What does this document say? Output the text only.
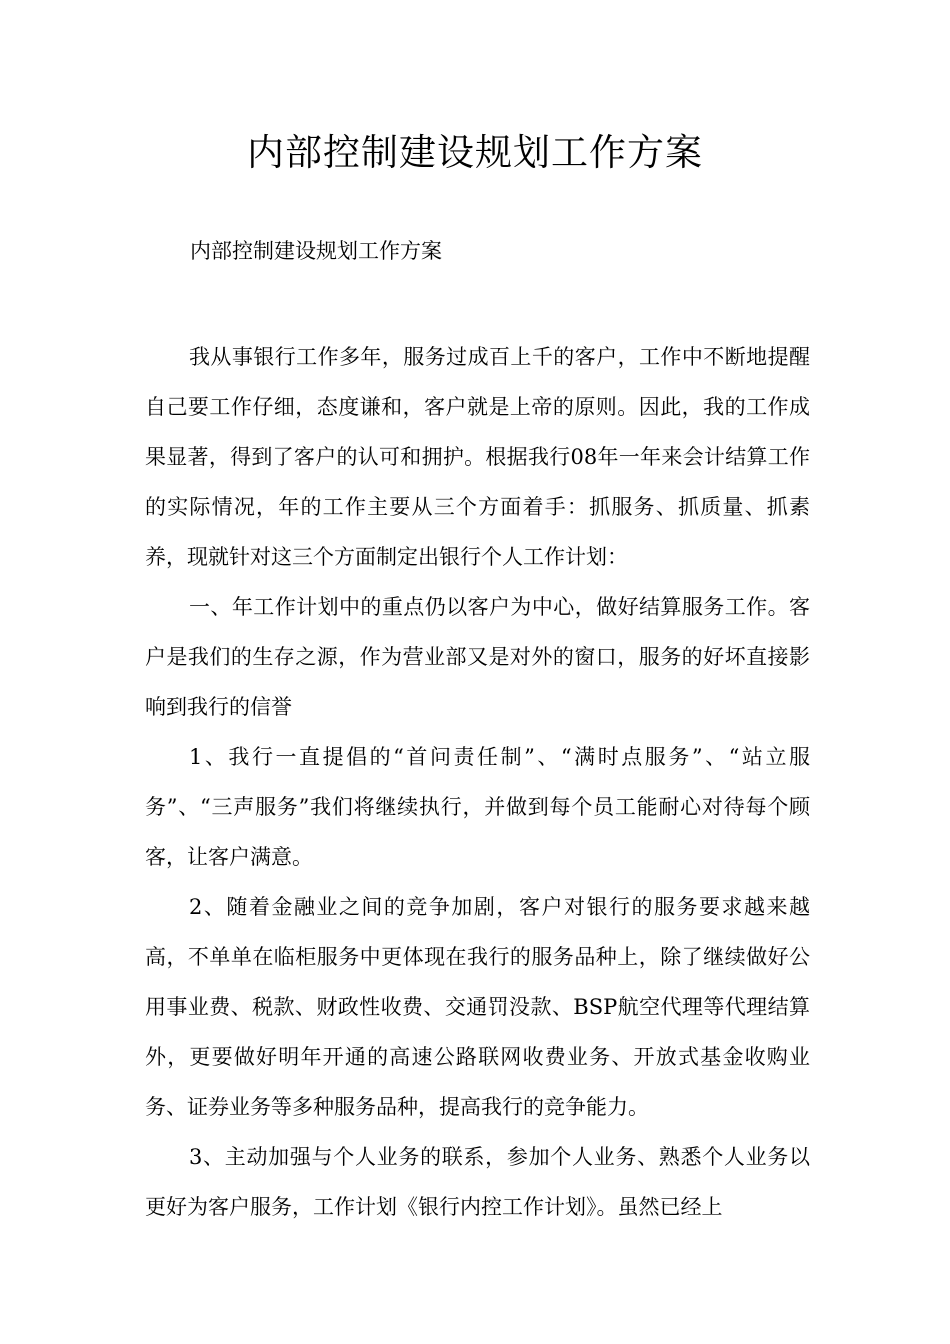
内部控制建设规划工作方案

内部控制建设规划工作方案

我从事银行工作多年，服务过成百上千的客户，工作中不断地提醒自己要工作仔细，态度谦和，客户就是上帝的原则。因此，我的工作成果显著，得到了客户的认可和拥护。根据我行08年一年来会计结算工作的实际情况，年的工作主要从三个方面着手：抓服务、抓质量、抓素养，现就针对这三个方面制定出银行个人工作计划：

一、年工作计划中的重点仍以客户为中心，做好结算服务工作。客户是我们的生存之源，作为营业部又是对外的窗口，服务的好坏直接影响到我行的信誉

1、我行一直提倡的“首问责任制”、“满时点服务”、“站立服务”、“三声服务”我们将继续执行，并做到每个员工能耐心对待每个顾客，让客户满意。

2、随着金融业之间的竞争加剧，客户对银行的服务要求越来越高，不单单在临柜服务中更体现在我行的服务品种上，除了继续做好公用事业费、税款、财政性收费、交通罚没款、BSP航空代理等代理结算外，更要做好明年开通的高速公路联网收费业务、开放式基金收购业务、证券业务等多种服务品种，提高我行的竞争能力。

3、主动加强与个人业务的联系，参加个人业务、熟悉个人业务以更好为客户服务，工作计划《银行内控工作计划》。虽然已经上
